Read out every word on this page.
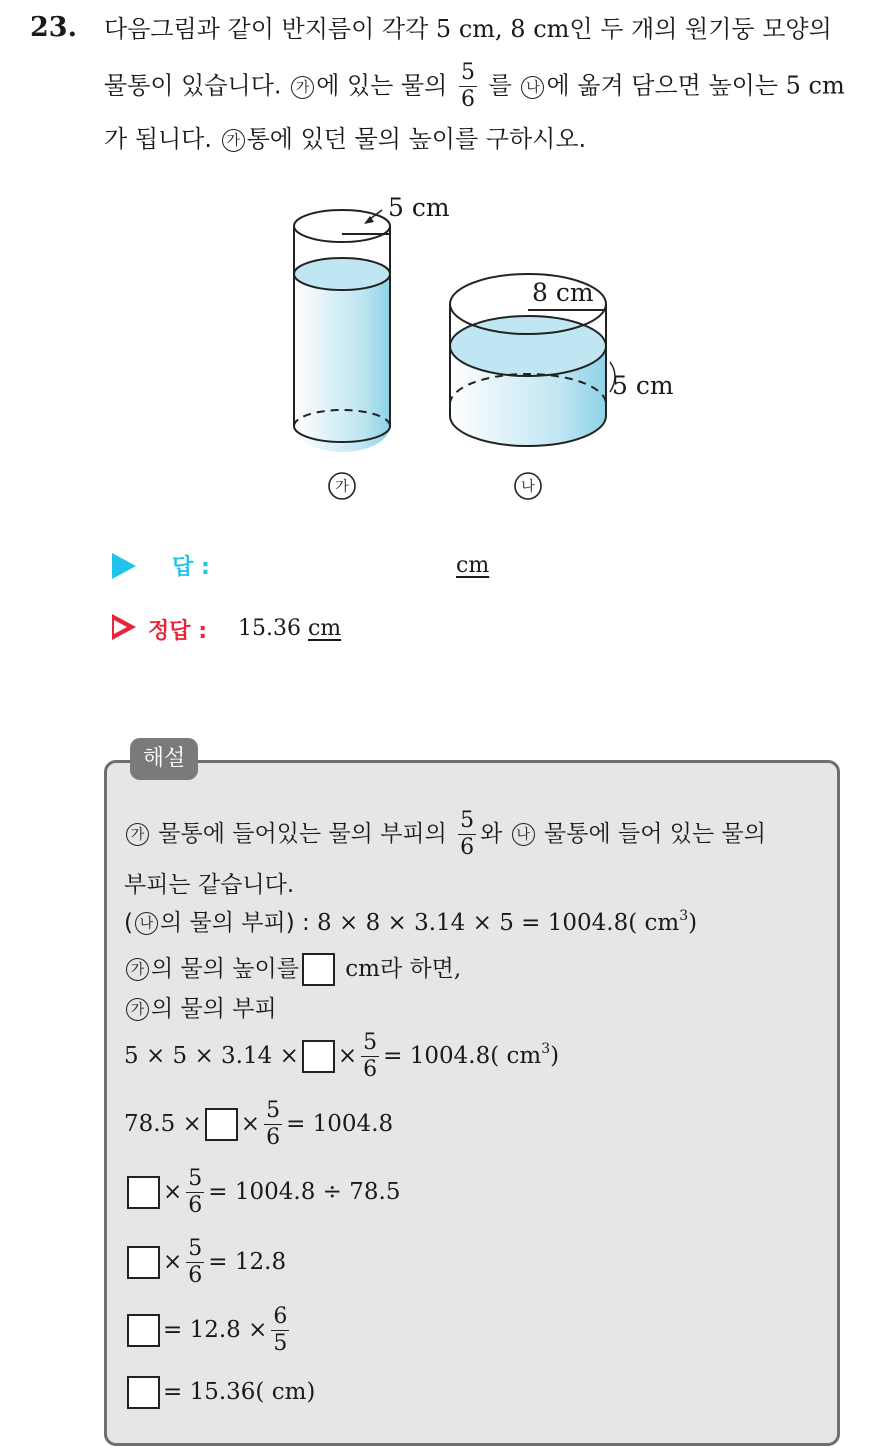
23. 다음그림과 같이 반지름이 각각 5 cm, 8 cm인 두 개의 원기둥 모양의
물통이 있습니다. 가 에 있는 물의 $\frac{5}{6}$ 를 나 에 옮겨 담으면 높이는 5 cm
가 됩니다. 가 통에 있던 물의 높이를 구하시오.
5 cm
8 cm
5 cm
가	나
답 :	cm
정답 : 15.36 cm
해설
가 물통에 들어있는 물의 부피의 $\frac{5}{6}$ 와 나 물통에 들어 있는 물의
부피는 같습니다.
( 나 의 물의 부피) : 8 × 8 × 3.14 × 5 = 1004.8( $cm^3$)
가 의 물의 높이를 cm라 하면,
가 의 물의 부피
5 × 5 × 3.14 × × $\frac{5}{6} = 1004.8$( $cm^3$)
78.5 × × $\frac{5}{6} = 1004.8$
× $\frac{5}{6} = 1004.8 \div 78.5$
× $\frac{5}{6} = 12.8$
= $12.8 \times \frac{6}{5}$
= 15.36( cm)
